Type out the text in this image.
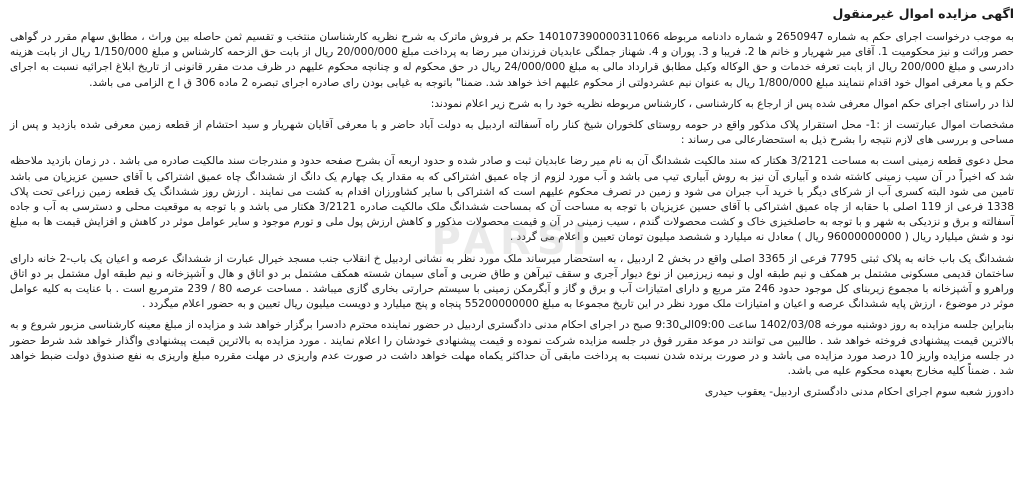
اگهی مزایده اموال غیرمنقول

به موجب درخواست اجرای حکم به شماره 2650947 و شماره دادنامه مربوطه 140107390000311066 حکم بر فروش ماترک به شرح نظریه کارشناسان منتخب و تقسیم ثمن حاصله بین وراث ، مطابق سهام مقرر در گواهی حصر وراثت و نیز محکومیت 1. آقای میر شهریار و خانم ها 2. فریبا و 3. پوران و 4. شهناز جملگی عابدیان فرزندان میر رضا به پرداخت مبلغ 20/000/000 ریال از بابت حق الزحمه کارشناس و مبلغ 1/150/000 ریال از بابت هزینه دادرسی و مبلغ 200/000 ریال از بابت تعرفه خدمات و حق الوکاله وکیل مطابق قرارداد مالی به مبلغ 24/000/000 ریال در حق محکوم له و چنانچه محکوم علیهم در ظرف مدت مقرر قانونی از تاریخ ابلاغ اجرائیه نسبت به اجرای حکم و یا معرفی اموال خود اقدام ننمایند مبلغ 1/800/000 ریال به عنوان نیم عشردولتی از محکوم علیهم اخذ خواهد شد. ضمنا" باتوجه به غیابی بودن رای صادره اجرای تبصره 2 ماده 306 ق ا ح الزامی می باشد.

لذا در راستای اجرای حکم اموال معرفی شده پس از ارجاع به کارشناسی ، کارشناس مربوطه نظریه خود را به شرح زیر اعلام نمودند:

مشخصات اموال عبارتست از :1- محل استقرار پلاک مذکور واقع در حومه روستای کلخوران شیخ کنار راه آسفالته اردبیل به دولت آباد حاضر و با معرفی آقایان شهریار و سید احتشام از قطعه زمین معرفی شده بازدید و پس از مساحی و بررسی های لازم نتیجه را بشرح ذیل به استحضارعالی می رساند :

محل دعوی قطعه زمینی است به مساحت 3/2121 هکتار که سند مالکیت ششدانگ آن به نام میر رضا عابدیان ثبت و صادر شده و حدود اربعه آن بشرح صفحه حدود و مندرجات سند مالکیت صادره می باشد . در زمان بازدید ملاحظه شد که اخیراً در آن سیب زمینی کاشته شده و آبیاری آن نیز به روش آبیاری تیپ می باشد و آب مورد لزوم از چاه عمیق اشتراکی که به مقدار یک چهارم یک دانگ از ششدانگ چاه عمیق اشتراکی با آقای حسین عزیزیان می باشد تامین می شود البته کسری آب از شرکای دیگر با خرید آب جبران می شود و زمین در تصرف محکوم علیهم است که اشتراکی با سایر کشاورزان اقدام به کشت می نمایند . ارزش روز ششدانگ یک قطعه زمین زراعی تحت پلاک 1338 فرعی از 119 اصلی با حقابه از چاه عمیق اشتراکی با آقای حسین عزیزیان با توجه به مساحت آن که بمساحت ششدانگ ملک مالکیت صادره 3/2121 هکتار می باشد و با توجه به موقعیت محلی و دسترسی به آب و جاده آسفالته و برق و نزدیکی به شهر و با توجه به حاصلخیزی خاک و کشت محصولات گندم ، سیب زمینی در آن و قیمت محصولات مذکور و کاهش ارزش پول ملی و تورم موجود و سایر عوامل موثر در کاهش و افزایش قیمت ها به مبلغ نود و شش میلیارد ریال ( 96000000000 ریال ) معادل نه میلیارد و ششصد میلیون تومان تعیین و اعلام می گردد .

ششدانگ یک باب خانه به پلاک ثبتی 7795 فرعی از 3365 اصلی واقع در بخش 2 اردبیل ، به استحضار میرساند ملک مورد نظر به نشانی اردبیل خ انقلاب جنب مسجد خیرال عبارت از ششدانگ عرصه و اعیان یک باب-2 خانه دارای ساختمان قدیمی مسکونی مشتمل بر همکف و نیم طبقه اول و نیمه زیرزمین از نوع دیوار آجری و سقف تیرآهن و طاق ضربی و آمای سیمان شسته همکف مشتمل بر دو اتاق و هال و آشپزخانه و نیم طبقه اول مشتمل بر دو اتاق وراهرو و آشپزخانه با مجموع زیربنای کل موجود حدود 246 متر مربع و دارای امتیازات آب و برق و گاز و آبگرمکن زمینی با سیستم حرارتی بخاری گازی میباشد . مساحت عرصه 80 / 239 مترمربع است . با عنایت به کلیه عوامل موثر در موضوع ، ارزش پایه ششدانگ عرصه و اعیان و امتیازات ملک مورد نظر در این تاریخ مجموعا به مبلغ 55200000000 پنجاه و پنج میلیارد و دویست میلیون ریال تعیین و به حضور اعلام میگردد .

بنابراین جلسه مزایده به روز دوشنبه مورخه 1402/03/08 ساعت 09:00الی9:30 صبح در اجرای احکام مدنی دادگستری اردبیل در حضور نماینده محترم دادسرا برگزار خواهد شد و مزایده از مبلغ معینه کارشناسی مزبور شروع و به بالاترین قیمت پیشنهادی فروخته خواهد شد . طالبین می توانند در موعد مقرر فوق در جلسه مزایده شرکت نموده و قیمت پیشنهادی خودشان را اعلام نمایند . مورد مزایده به بالاترین قیمت پیشنهادی واگذار خواهد شد شرط حضور در جلسه مزایده واریز 10 درصد مورد مزایده می باشد و در صورت برنده شدن نسبت به پرداخت مابقی آن حداکثر یکماه مهلت خواهد داشت در صورت عدم واریزی در مهلت مقرره مبلغ واریزی به نفع صندوق دولت ضبط خواهد شد . ضمناً کلیه مخارج بعهده محکوم علیه می باشد.

دادورز شعبه سوم اجرای احکام مدنی دادگستری اردبیل- یعقوب حیدری
PARSI
